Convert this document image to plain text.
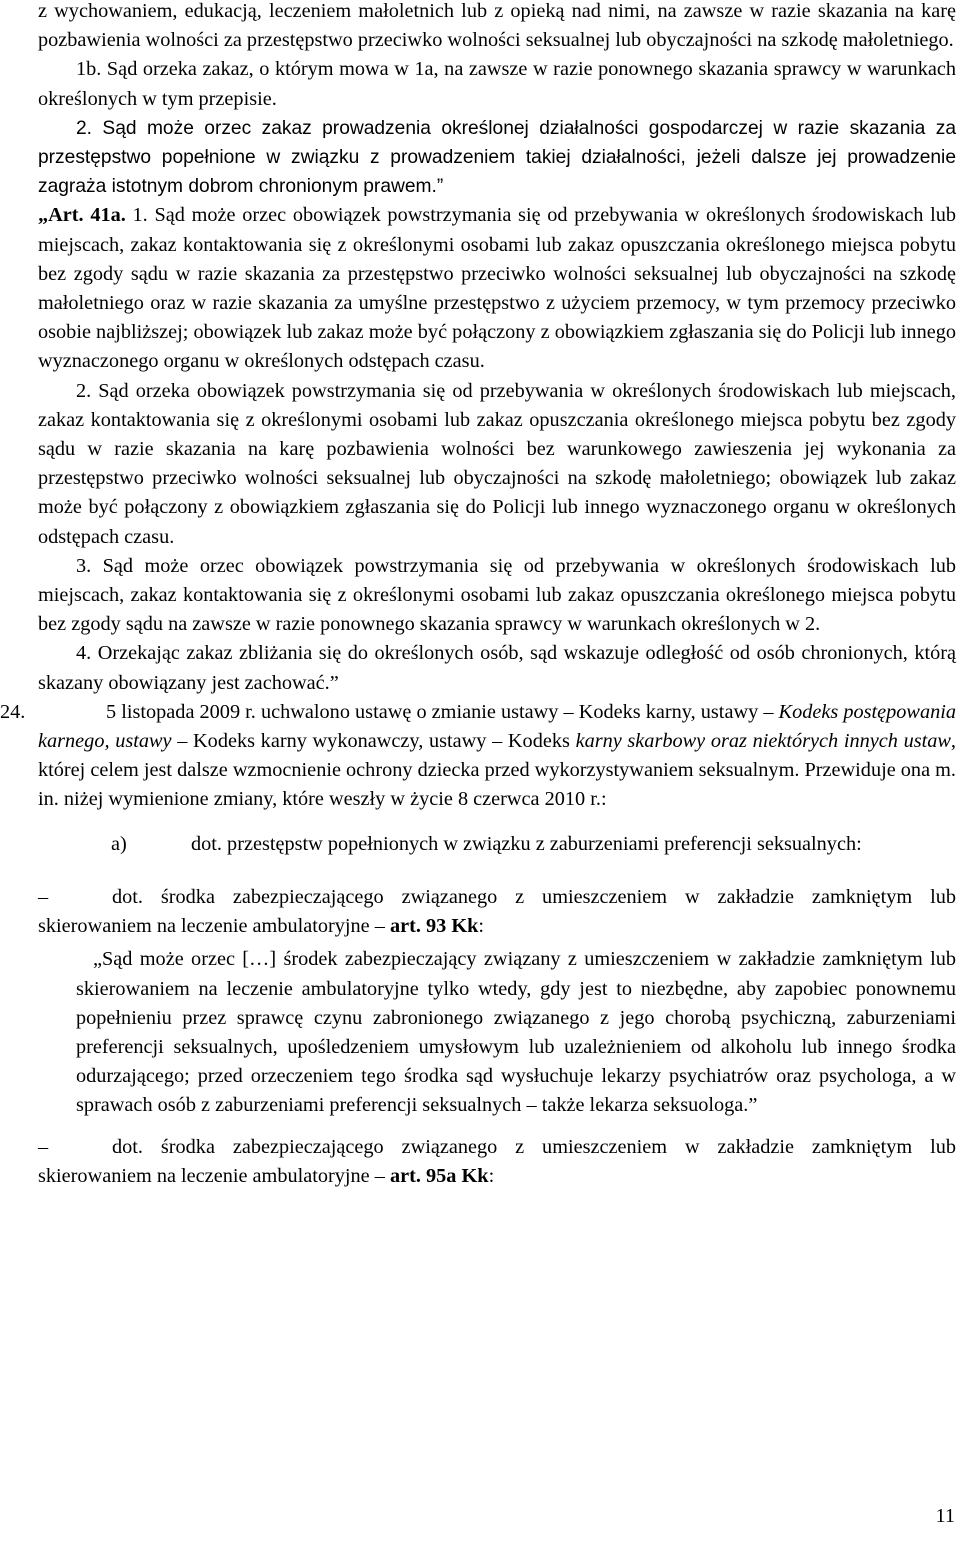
z wychowaniem, edukacją, leczeniem małoletnich lub z opieką nad nimi, na zawsze w razie skazania na karę pozbawienia wolności za przestępstwo przeciwko wolności seksualnej lub obyczajności na szkodę małoletniego.

1b. Sąd orzeka zakaz, o którym mowa w 1a, na zawsze w razie ponownego skazania sprawcy w warunkach określonych w tym przepisie.

2. Sąd może orzec zakaz prowadzenia określonej działalności gospodarczej w razie skazania za przestępstwo popełnione w związku z prowadzeniem takiej działalności, jeżeli dalsze jej prowadzenie zagraża istotnym dobrom chronionym prawem.”

„Art. 41a. 1. Sąd może orzec obowiązek powstrzymania się od przebywania w określonych środowiskach lub miejscach, zakaz kontaktowania się z określonymi osobami lub zakaz opuszczania określonego miejsca pobytu bez zgody sądu w razie skazania za przestępstwo przeciwko wolności seksualnej lub obyczajności na szkodę małoletniego oraz w razie skazania za umyślne przestępstwo z użyciem przemocy, w tym przemocy przeciwko osobie najbliższej; obowiązek lub zakaz może być połączony z obowiązkiem zgłaszania się do Policji lub innego wyznaczonego organu w określonych odstępach czasu.

2. Sąd orzeka obowiązek powstrzymania się od przebywania w określonych środowiskach lub miejscach, zakaz kontaktowania się z określonymi osobami lub zakaz opuszczania określonego miejsca pobytu bez zgody sądu w razie skazania na karę pozbawienia wolności bez warunkowego zawieszenia jej wykonania za przestępstwo przeciwko wolności seksualnej lub obyczajności na szkodę małoletniego; obowiązek lub zakaz może być połączony z obowiązkiem zgłaszania się do Policji lub innego wyznaczonego organu w określonych odstępach czasu.

3. Sąd może orzec obowiązek powstrzymania się od przebywania w określonych środowiskach lub miejscach, zakaz kontaktowania się z określonymi osobami lub zakaz opuszczania określonego miejsca pobytu bez zgody sądu na zawsze w razie ponownego skazania sprawcy w warunkach określonych w 2.

4. Orzekając zakaz zbliżania się do określonych osób, sąd wskazuje odległość od osób chronionych, którą skazany obowiązany jest zachować.”

24.	5 listopada 2009 r. uchwalono ustawę o zmianie ustawy – Kodeks karny, ustawy – Kodeks postępowania karnego, ustawy – Kodeks karny wykonawczy, ustawy – Kodeks karny skarbowy oraz niektórych innych ustaw, której celem jest dalsze wzmocnienie ochrony dziecka przed wykorzystywaniem seksualnym. Przewiduje ona m. in. niżej wymienione zmiany, które weszły w życie 8 czerwca 2010 r.:

a)	dot. przestępstw popełnionych w związku z zaburzeniami preferencji seksualnych:

–	dot. środka zabezpieczającego związanego z umieszczeniem w zakładzie zamkniętym lub skierowaniem na leczenie ambulatoryjne – art. 93 Kk:

„Sąd może orzec […] środek zabezpieczający związany z umieszczeniem w zakładzie zamkniętym lub skierowaniem na leczenie ambulatoryjne tylko wtedy, gdy jest to niezbędne, aby zapobiec ponownemu popełnieniu przez sprawcę czynu zabronionego związanego z jego chorobą psychiczną, zaburzeniami preferencji seksualnych, upośledzeniem umysłowym lub uzależnieniem od alkoholu lub innego środka odurzającego; przed orzeczeniem tego środka sąd wysłuchuje lekarzy psychiatrów oraz psychologa, a w sprawach osób z zaburzeniami preferencji seksualnych – także lekarza seksuologa.”

–	dot. środka zabezpieczającego związanego z umieszczeniem w zakładzie zamkniętym lub skierowaniem na leczenie ambulatoryjne – art. 95a Kk:

11
